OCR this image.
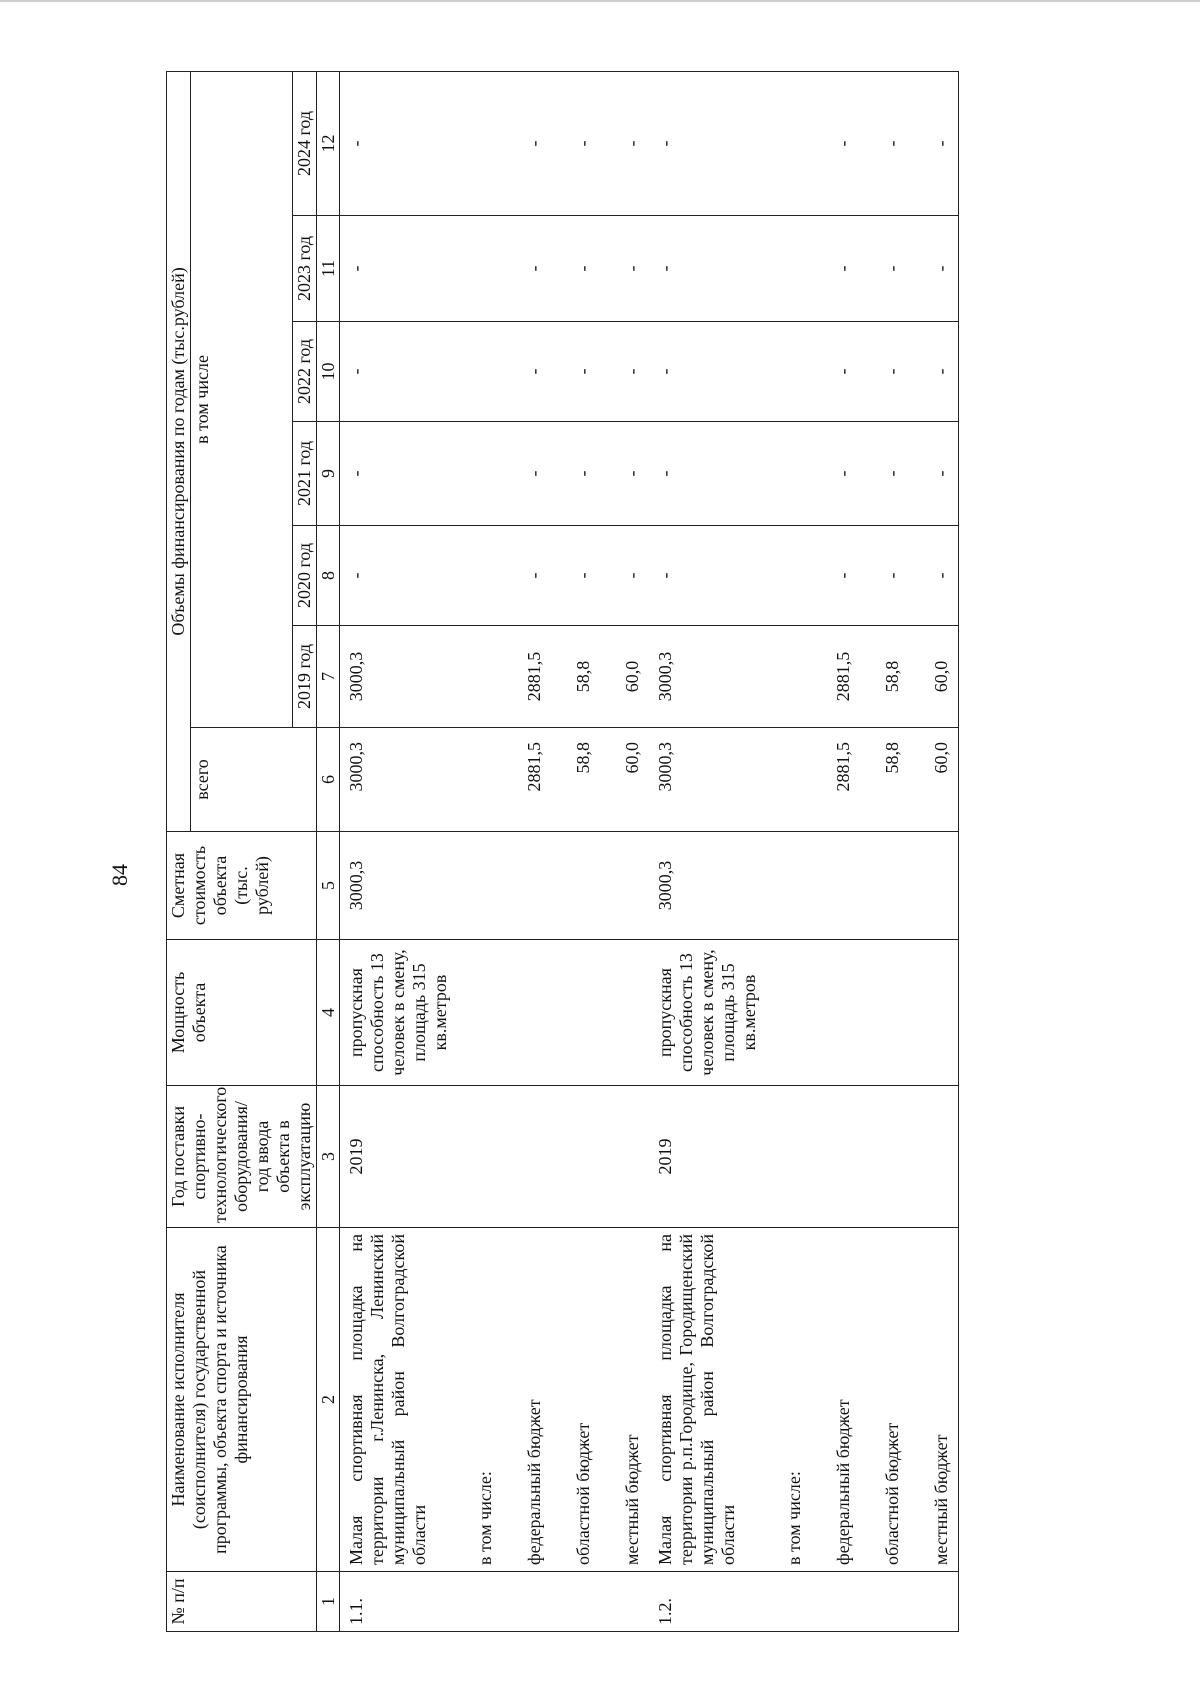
84
№ п/п	Наименование исполнителя (соисполнителя) государственной программы, объекта спорта и источника финансирования	Год поставки спортивно-технологического оборудования/ год ввода объекта в эксплуатацию	Мощность объекта	Сметная стоимость объекта (тыс. рублей)	Объемы финансирования по годам (тыс.рублей)						
					всего	в том числе					
						2019 год	2020 год	2021 год	2022 год	2023 год	2024 год
1	2	3	4	5	6	7	8	9	10	11	12
1.1.	Малая спортивная площадка на территории г.Ленинска, Ленинский муниципальный район Волгоградской области	2019	пропускная способность 13 человек в смену, площадь 315 кв.метров	3000,3	3000,3	3000,3	-	-	-	-	-
	в том числе:										
	федеральный бюджет				2881,5	2881,5	-	-	-	-	-
	областной бюджет				58,8	58,8	-	-	-	-	-
	местный бюджет				60,0	60,0	-	-	-	-	-
1.2.	Малая спортивная площадка на территории р.п.Городище, Городищенский муниципальный район Волгоградской области	2019	пропускная способность 13 человек в смену, площадь 315 кв.метров	3000,3	3000,3	3000,3	-	-	-	-	-
	в том числе:										
	федеральный бюджет				2881,5	2881,5	-	-	-	-	-
	областной бюджет				58,8	58,8	-	-	-	-	-
	местный бюджет				60,0	60,0	-	-	-	-	-
